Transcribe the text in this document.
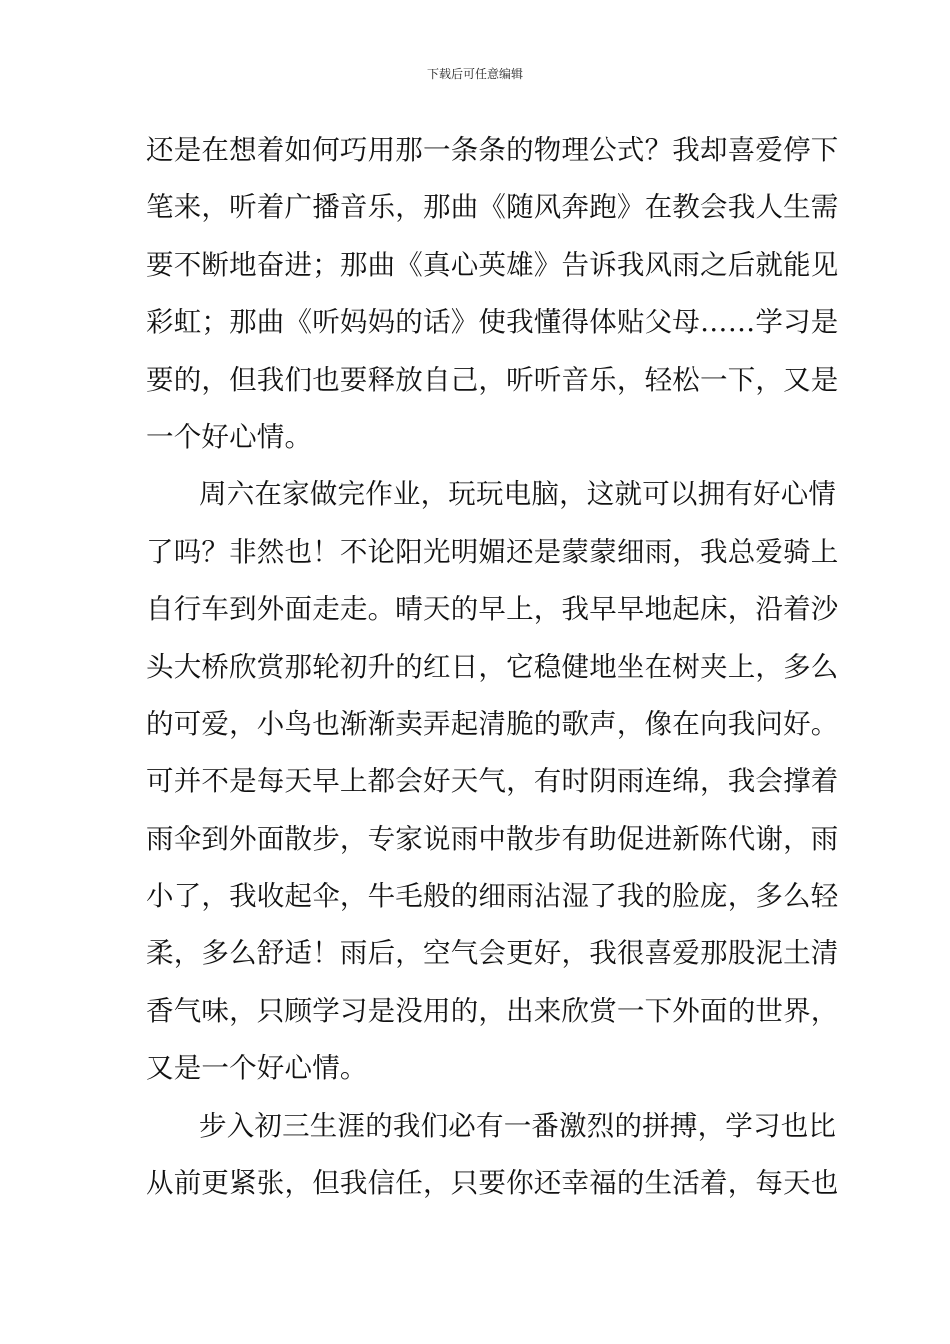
下载后可任意编辑
还是在想着如何巧用那一条条的物理公式？我却喜爱停下
笔来，听着广播音乐，那曲《随风奔跑》在教会我人生需
要不断地奋进；那曲《真心英雄》告诉我风雨之后就能见
彩虹；那曲《听妈妈的话》使我懂得体贴父母……学习是
要的，但我们也要释放自己，听听音乐，轻松一下，又是
一个好心情。
周六在家做完作业，玩玩电脑，这就可以拥有好心情
了吗？非然也！不论阳光明媚还是蒙蒙细雨，我总爱骑上
自行车到外面走走。晴天的早上，我早早地起床，沿着沙
头大桥欣赏那轮初升的红日，它稳健地坐在树夹上，多么
的可爱，小鸟也渐渐卖弄起清脆的歌声，像在向我问好。
可并不是每天早上都会好天气，有时阴雨连绵，我会撑着
雨伞到外面散步，专家说雨中散步有助促进新陈代谢，雨
小了，我收起伞，牛毛般的细雨沾湿了我的脸庞，多么轻
柔，多么舒适！雨后，空气会更好，我很喜爱那股泥土清
香气味，只顾学习是没用的，出来欣赏一下外面的世界，
又是一个好心情。
步入初三生涯的我们必有一番激烈的拼搏，学习也比
从前更紧张，但我信任，只要你还幸福的生活着，每天也
